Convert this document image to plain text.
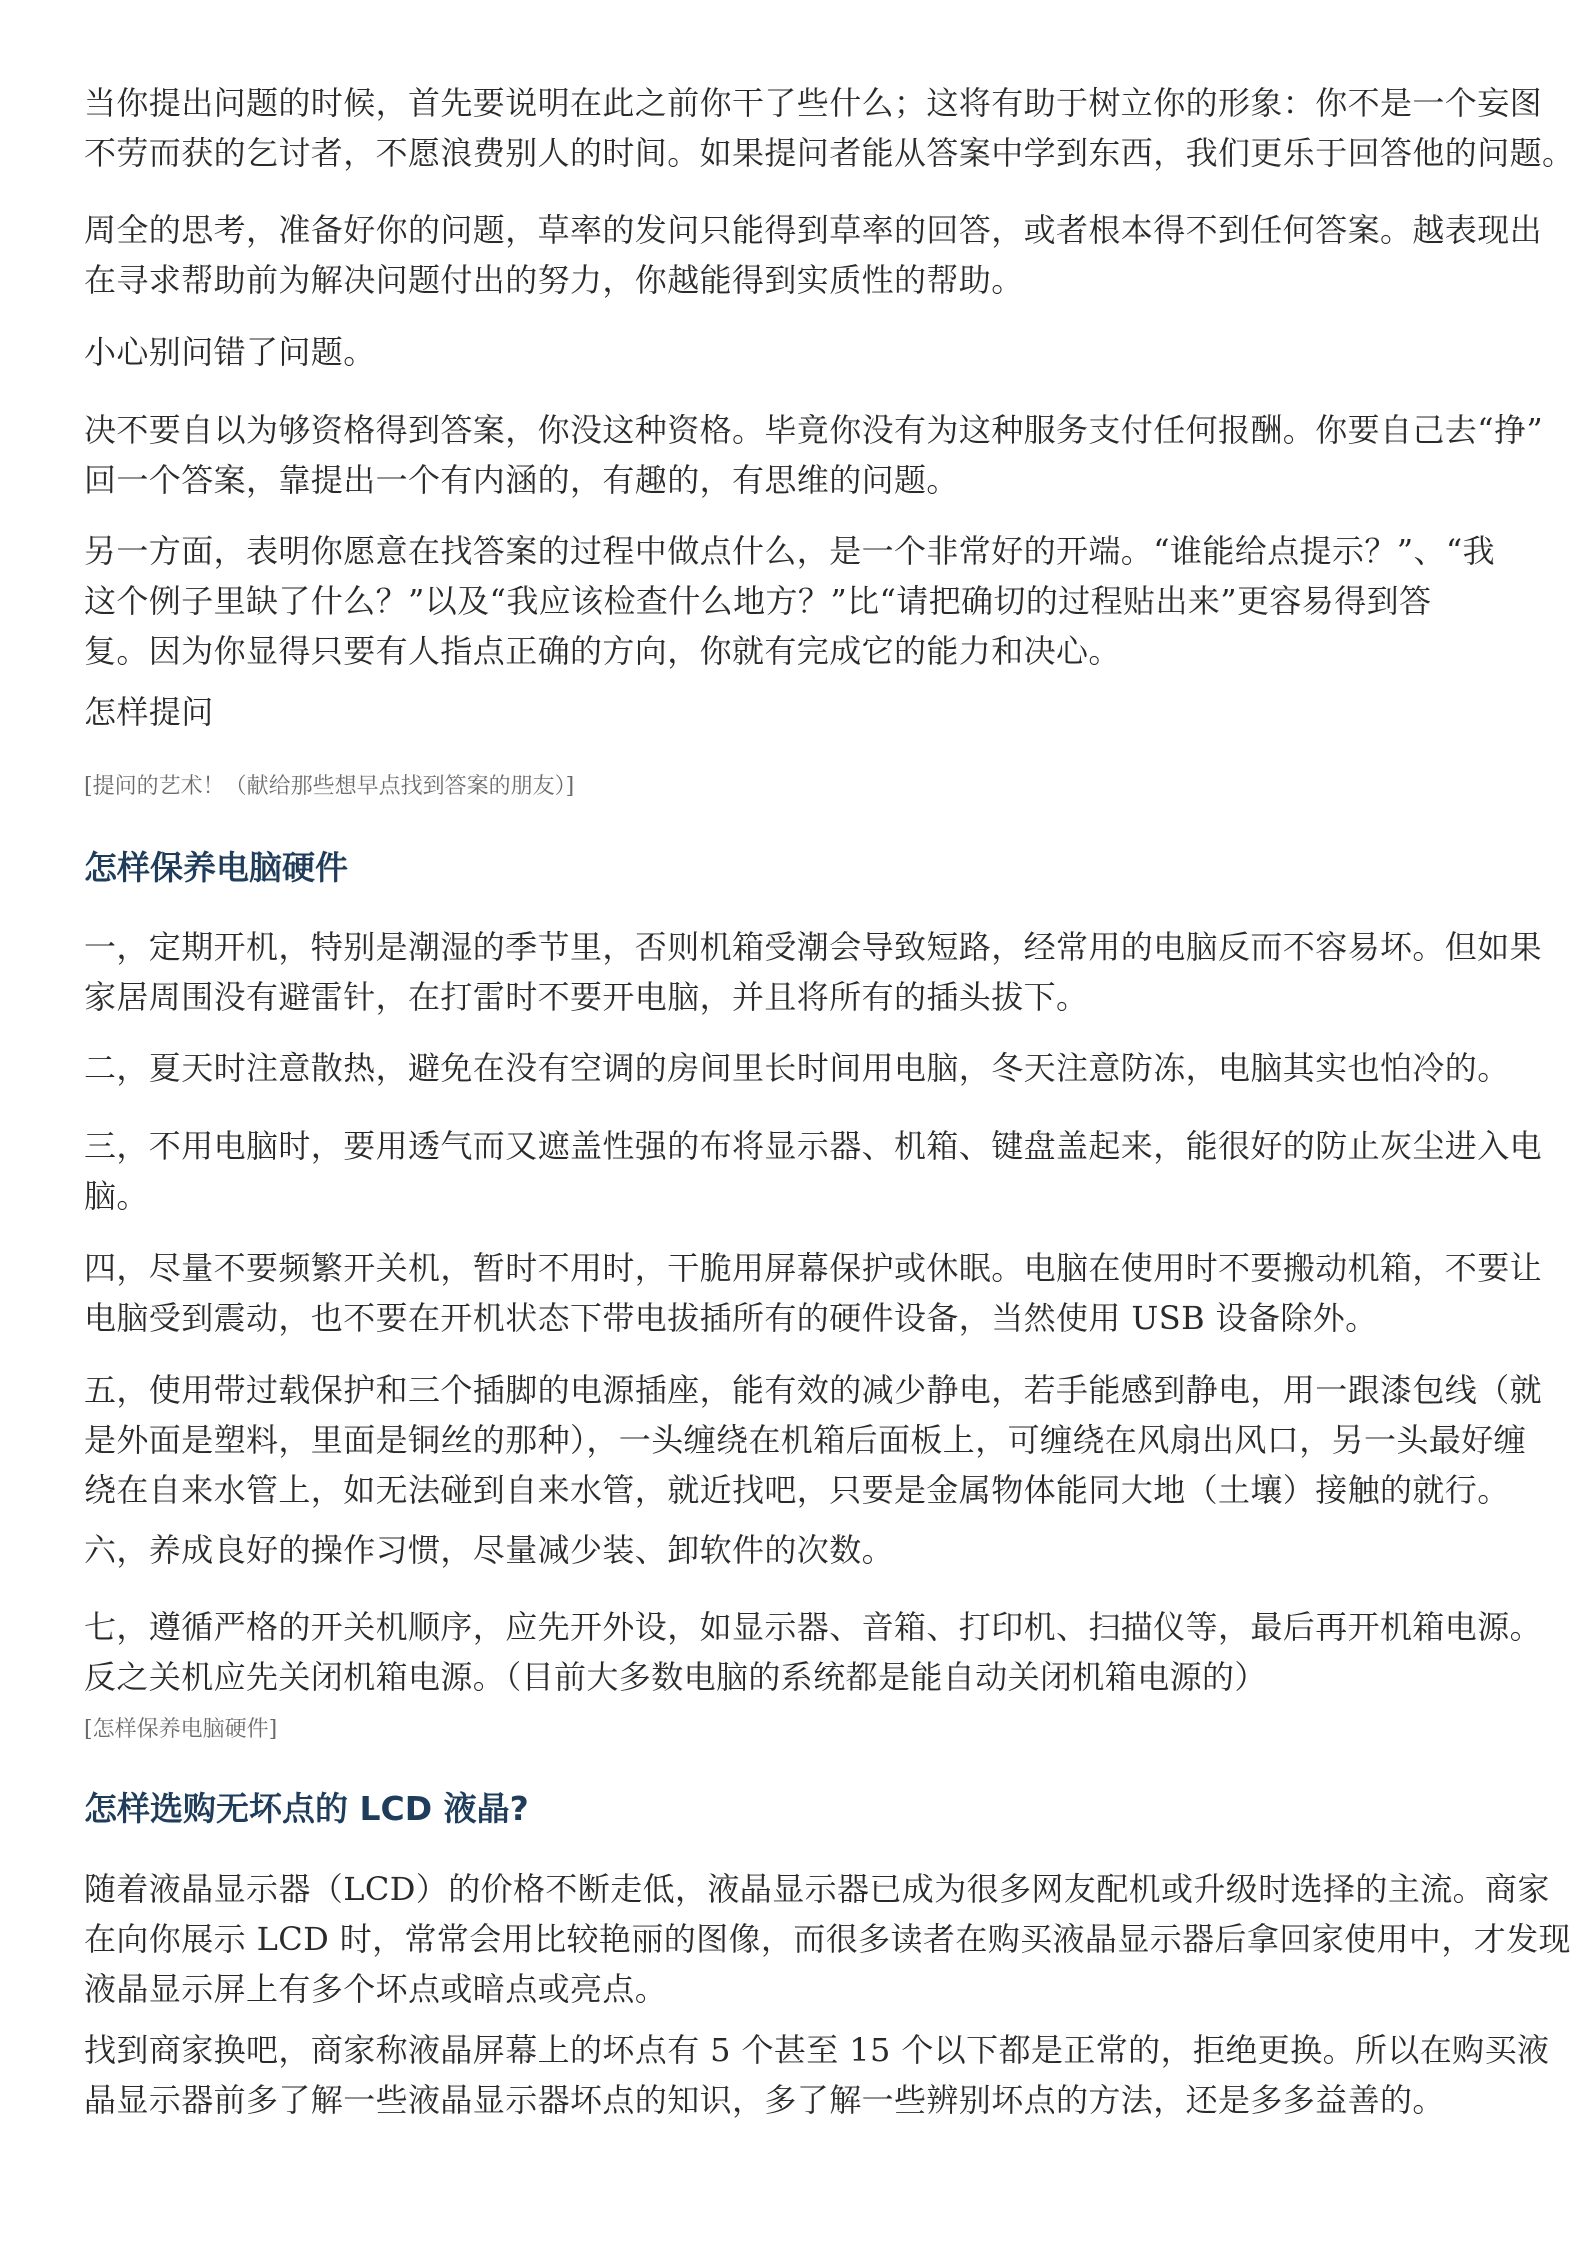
当你提出问题的时候，首先要说明在此之前你干了些什么；这将有助于树立你的形象：你不是一个妄图
不劳而获的乞讨者，不愿浪费别人的时间。如果提问者能从答案中学到东西，我们更乐于回答他的问题。
周全的思考，准备好你的问题，草率的发问只能得到草率的回答，或者根本得不到任何答案。越表现出
在寻求帮助前为解决问题付出的努力，你越能得到实质性的帮助。
小心别问错了问题。
决不要自以为够资格得到答案，你没这种资格。毕竟你没有为这种服务支付任何报酬。你要自己去“挣”
回一个答案，靠提出一个有内涵的，有趣的，有思维的问题。
另一方面，表明你愿意在找答案的过程中做点什么，是一个非常好的开端。“谁能给点提示？”、“我
这个例子里缺了什么？”以及“我应该检查什么地方？”比“请把确切的过程贴出来”更容易得到答
复。因为你显得只要有人指点正确的方向，你就有完成它的能力和决心。
怎样提问
[提问的艺术！（献给那些想早点找到答案的朋友）]
怎样保养电脑硬件
一，定期开机，特别是潮湿的季节里，否则机箱受潮会导致短路，经常用的电脑反而不容易坏。但如果
家居周围没有避雷针，在打雷时不要开电脑，并且将所有的插头拔下。
二，夏天时注意散热，避免在没有空调的房间里长时间用电脑，冬天注意防冻，电脑其实也怕冷的。
三，不用电脑时，要用透气而又遮盖性强的布将显示器、机箱、键盘盖起来，能很好的防止灰尘进入电
脑。
四，尽量不要频繁开关机，暂时不用时，干脆用屏幕保护或休眠。电脑在使用时不要搬动机箱，不要让
电脑受到震动，也不要在开机状态下带电拔插所有的硬件设备，当然使用 USB 设备除外。
五，使用带过载保护和三个插脚的电源插座，能有效的减少静电，若手能感到静电，用一跟漆包线（就
是外面是塑料，里面是铜丝的那种），一头缠绕在机箱后面板上，可缠绕在风扇出风口，另一头最好缠
绕在自来水管上，如无法碰到自来水管，就近找吧，只要是金属物体能同大地（土壤）接触的就行。
六，养成良好的操作习惯，尽量减少装、卸软件的次数。
七，遵循严格的开关机顺序，应先开外设，如显示器、音箱、打印机、扫描仪等，最后再开机箱电源。
反之关机应先关闭机箱电源。（目前大多数电脑的系统都是能自动关闭机箱电源的）
[怎样保养电脑硬件]
怎样选购无坏点的 LCD 液晶?
随着液晶显示器（LCD）的价格不断走低，液晶显示器已成为很多网友配机或升级时选择的主流。商家
在向你展示 LCD 时，常常会用比较艳丽的图像，而很多读者在购买液晶显示器后拿回家使用中，才发现
液晶显示屏上有多个坏点或暗点或亮点。
找到商家换吧，商家称液晶屏幕上的坏点有 5 个甚至 15 个以下都是正常的，拒绝更换。所以在购买液
晶显示器前多了解一些液晶显示器坏点的知识，多了解一些辨别坏点的方法，还是多多益善的。
